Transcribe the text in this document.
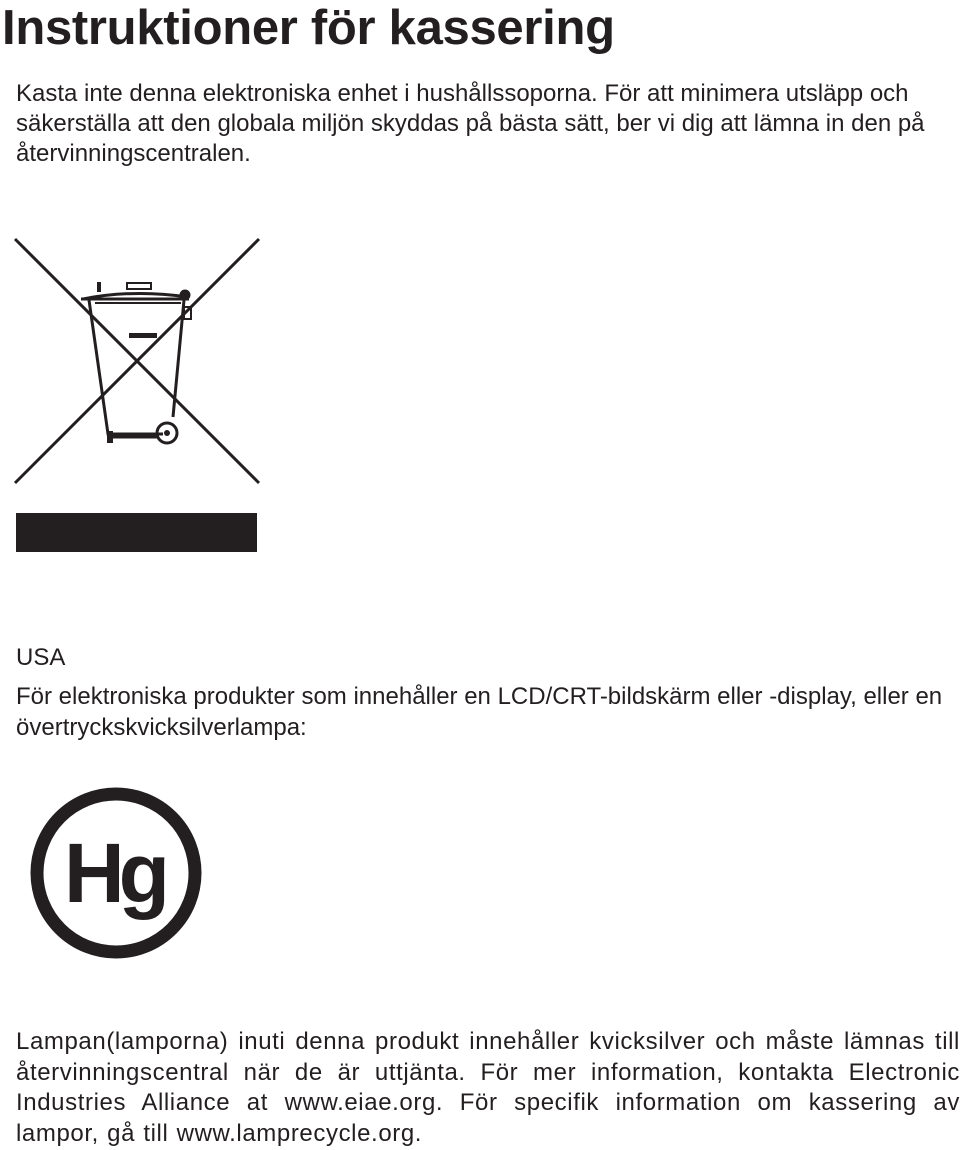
Instruktioner för kassering

Kasta inte denna elektroniska enhet i hushållssoporna. För att minimera utsläpp och säkerställa att den globala miljön skyddas på bästa sätt, ber vi dig att lämna in den på återvinningscentralen.

USA

För elektroniska produkter som innehåller en LCD/CRT-bildskärm eller -display, eller en övertryckskvicksilverlampa:

Hg

Lampan(lamporna) inuti denna produkt innehåller kvicksilver och måste lämnas till återvinningscentral när de är uttjänta. För mer information, kontakta Electronic Industries Alliance at www.eiae.org. För specifik information om kassering av lampor, gå till www.lamprecycle.org.
